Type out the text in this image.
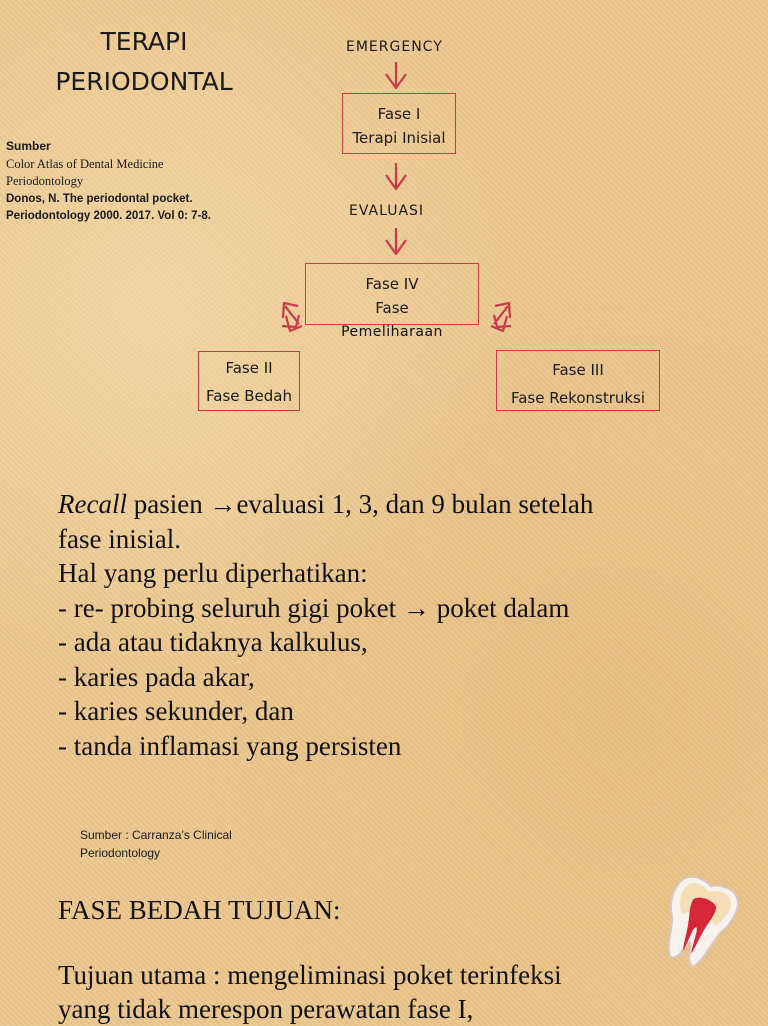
TERAPI
PERIODONTAL
Sumber
Color Atlas of Dental Medicine
Periodontology
Donos, N. The periodontal pocket.
Periodontology 2000. 2017. Vol 0: 7-8.
EMERGENCY
Fase I
Terapi Inisial
EVALUASI
Fase IV
Fase
Pemeliharaan
Fase II
Fase Bedah
Fase III
Fase Rekonstruksi
Recall pasien →evaluasi 1, 3, dan 9 bulan setelah
fase inisial.
Hal yang perlu diperhatikan:
- re- probing seluruh gigi poket → poket dalam
- ada atau tidaknya kalkulus,
- karies pada akar,
- karies sekunder, dan
- tanda inflamasi yang persisten
Sumber : Carranza’s Clinical
Periodontology
FASE BEDAH TUJUAN:
Tujuan utama : mengeliminasi poket terinfeksi
yang tidak merespon perawatan fase I,
